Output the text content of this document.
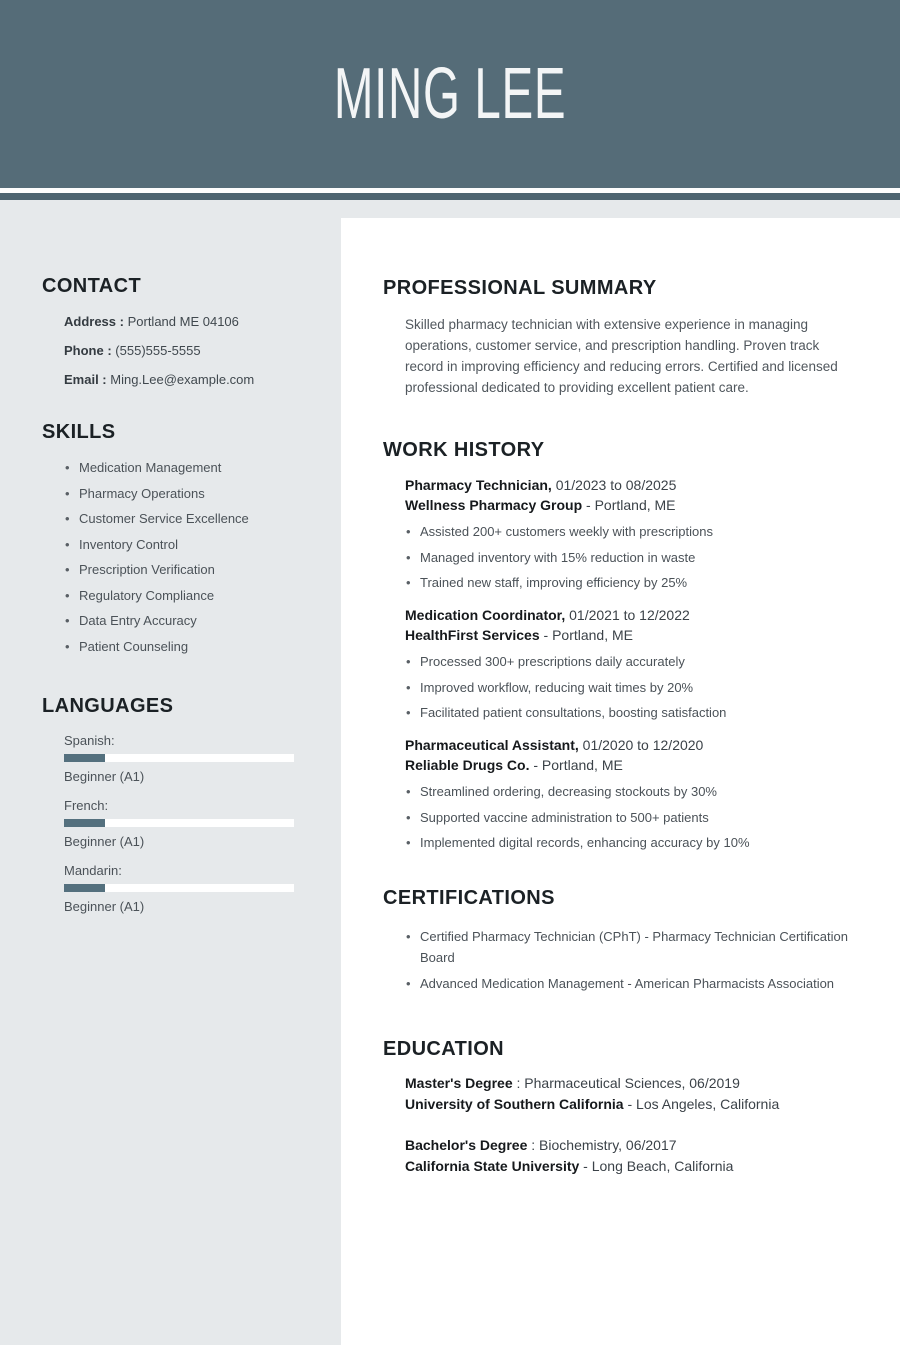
MING LEE
CONTACT

Address : Portland ME 04106

Phone : (555)555-5555

Email : Ming.Lee@example.com

SKILLS
• Medication Management
• Pharmacy Operations
• Customer Service Excellence
• Inventory Control
• Prescription Verification
• Regulatory Compliance
• Data Entry Accuracy
• Patient Counseling
LANGUAGES

Spanish:

Beginner (A1)

French:

Beginner (A1)

Mandarin:

Beginner (A1)

PROFESSIONAL SUMMARY

Skilled pharmacy technician with extensive experience in managing operations, customer service, and prescription handling. Proven track record in improving efficiency and reducing errors. Certified and licensed professional dedicated to providing excellent patient care.

WORK HISTORY

Pharmacy Technician, 01/2023 to 08/2025

Wellness Pharmacy Group - Portland, ME

• Assisted 200+ customers weekly with prescriptions
• Managed inventory with 15% reduction in waste
• Trained new staff, improving efficiency by 25%

Medication Coordinator, 01/2021 to 12/2022

HealthFirst Services - Portland, ME

• Processed 300+ prescriptions daily accurately
• Improved workflow, reducing wait times by 20%
• Facilitated patient consultations, boosting satisfaction

Pharmaceutical Assistant, 01/2020 to 12/2020

Reliable Drugs Co. - Portland, ME

• Streamlined ordering, decreasing stockouts by 30%
• Supported vaccine administration to 500+ patients
• Implemented digital records, enhancing accuracy by 10%
CERTIFICATIONS
• Certified Pharmacy Technician (CPhT) - Pharmacy Technician Certification Board
• Advanced Medication Management - American Pharmacists Association
EDUCATION

Master's Degree : Pharmaceutical Sciences, 06/2019

University of Southern California - Los Angeles, California

Bachelor's Degree : Biochemistry, 06/2017

California State University - Long Beach, California
